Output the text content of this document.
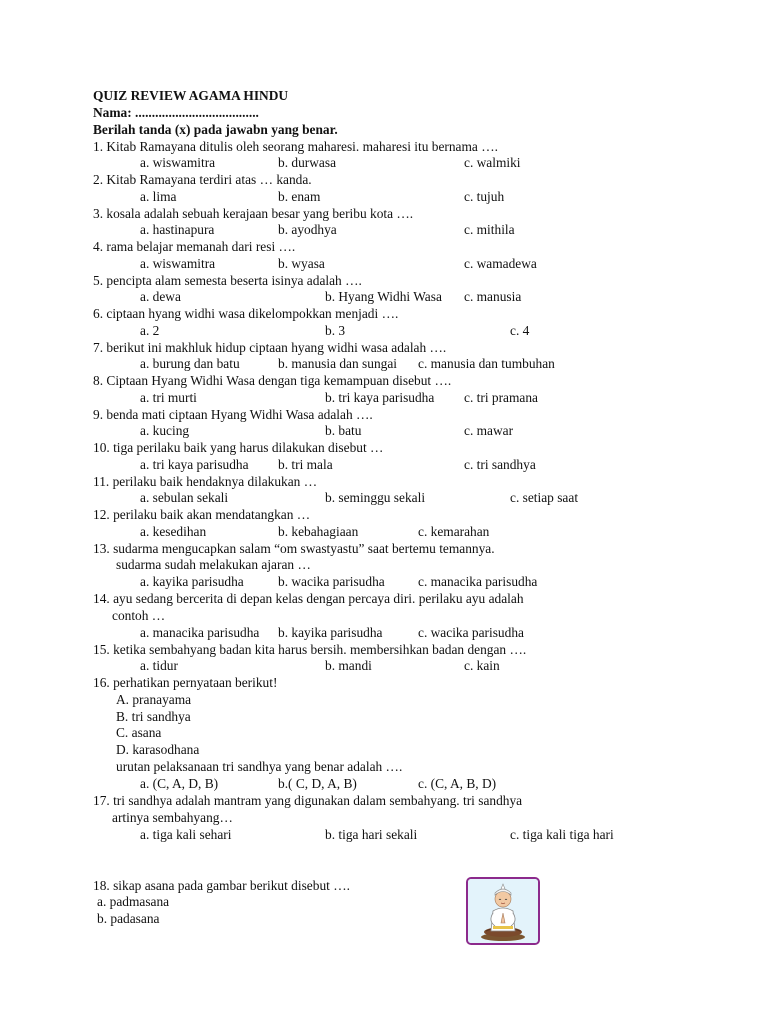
QUIZ REVIEW AGAMA HINDU
Nama: .....................................
Berilah tanda (x) pada jawabn yang benar.
1. Kitab Ramayana ditulis oleh seorang maharesi. maharesi itu bernama ….
a. wiswamitra	b. durwasa	c. walmiki
2. Kitab Ramayana terdiri atas … kanda.
a. lima	b. enam	c. tujuh
3. kosala adalah sebuah kerajaan besar yang beribu kota ….
a. hastinapura	b. ayodhya	c. mithila
4. rama belajar memanah dari resi ….
a. wiswamitra	b. wyasa	c. wamadewa
5. pencipta alam semesta beserta isinya adalah ….
a. dewa	b. Hyang Widhi Wasa c. manusia
6. ciptaan hyang widhi wasa dikelompokkan menjadi ….
a. 2	b. 3	c. 4
7. berikut ini makhluk hidup ciptaan hyang widhi wasa adalah ….
a. burung dan batu	b. manusia dan sungai c. manusia dan tumbuhan
8. Ciptaan Hyang Widhi Wasa dengan tiga kemampuan disebut ….
a. tri murti	b. tri kaya parisudha c. tri pramana
9. benda mati ciptaan Hyang Widhi Wasa adalah ….
a. kucing	b. batu	c. mawar
10. tiga perilaku baik yang harus dilakukan disebut …
a. tri kaya parisudha b. tri mala	c. tri sandhya
11. perilaku baik hendaknya dilakukan …
a. sebulan sekali	b. seminggu sekali	c. setiap saat
12. perilaku baik akan mendatangkan …
a. kesedihan	b. kebahagiaan	c. kemarahan
13. sudarma mengucapkan salam “om swastyastu” saat bertemu temannya.
sudarma sudah melakukan ajaran …
a. kayika parisudha	b. wacika parisudha c. manacika parisudha
14. ayu sedang bercerita di depan kelas dengan percaya diri. perilaku ayu adalah
contoh …
a. manacika parisudha b. kayika parisudha	c. wacika parisudha
15. ketika sembahyang badan kita harus bersih. membersihkan badan dengan ….
a. tidur	b. mandi	c. kain
16. perhatikan pernyataan berikut!
A. pranayama
B. tri sandhya
C. asana
D. karasodhana
urutan pelaksanaan tri sandhya yang benar adalah ….
a. (C, A, D, B)	b.( C, D, A, B)	c. (C, A, B, D)
17. tri sandhya adalah mantram yang digunakan dalam sembahyang. tri sandhya
artinya sembahyang…
a. tiga kali sehari	b. tiga hari sekali	c. tiga kali tiga hari
18. sikap asana pada gambar berikut disebut ….
a. padmasana
b. padasana
